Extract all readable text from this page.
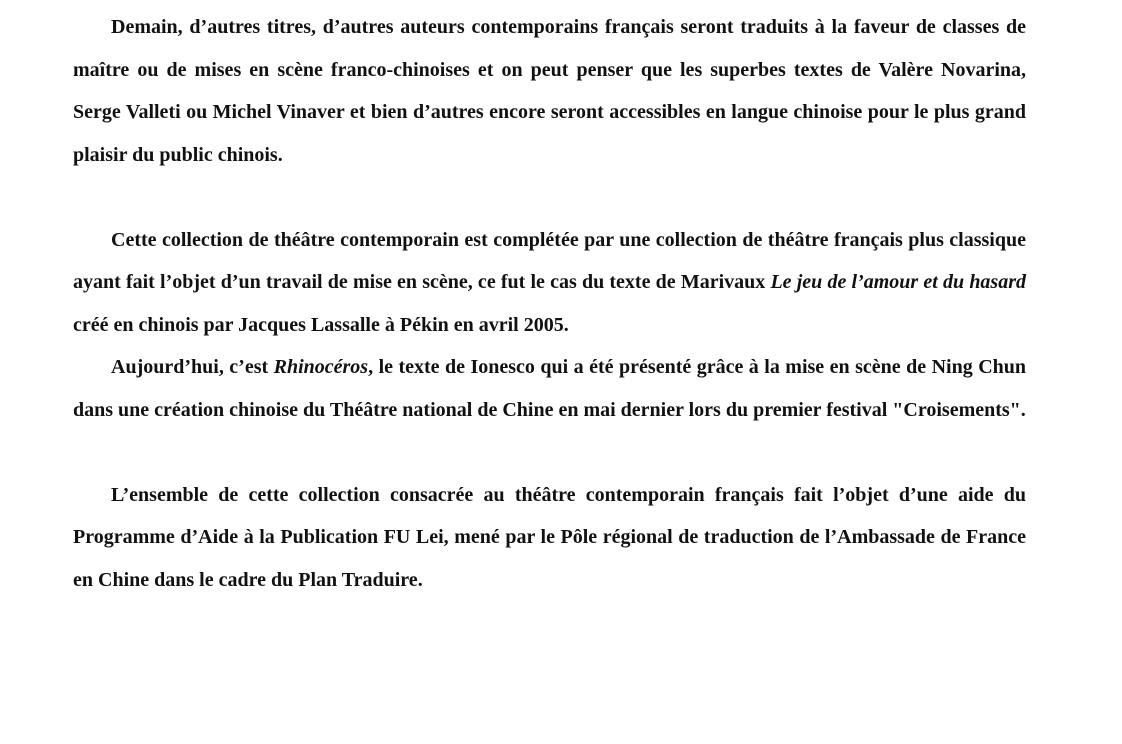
Demain, d’autres titres, d’autres auteurs contemporains français seront traduits à la faveur de classes de maître ou de mises en scène franco-chinoises et on peut penser que les superbes textes de Valère Novarina, Serge Valleti ou Michel Vinaver et bien d’autres encore seront accessibles en langue chinoise pour le plus grand plaisir du public chinois.

Cette collection de théâtre contemporain est complétée par une collection de théâtre français plus classique ayant fait l’objet d’un travail de mise en scène, ce fut le cas du texte de Marivaux Le jeu de l’amour et du hasard créé en chinois par Jacques Lassalle à Pékin en avril 2005.

Aujourd’hui, c’est Rhinocéros, le texte de Ionesco qui a été présenté grâce à la mise en scène de Ning Chun dans une création chinoise du Théâtre national de Chine en mai dernier lors du premier festival "Croisements".

L’ensemble de cette collection consacrée au théâtre contemporain français fait l’objet d’une aide du Programme d’Aide à la Publication FU Lei, mené par le Pôle régional de traduction de l’Ambassade de France en Chine dans le cadre du Plan Traduire.
